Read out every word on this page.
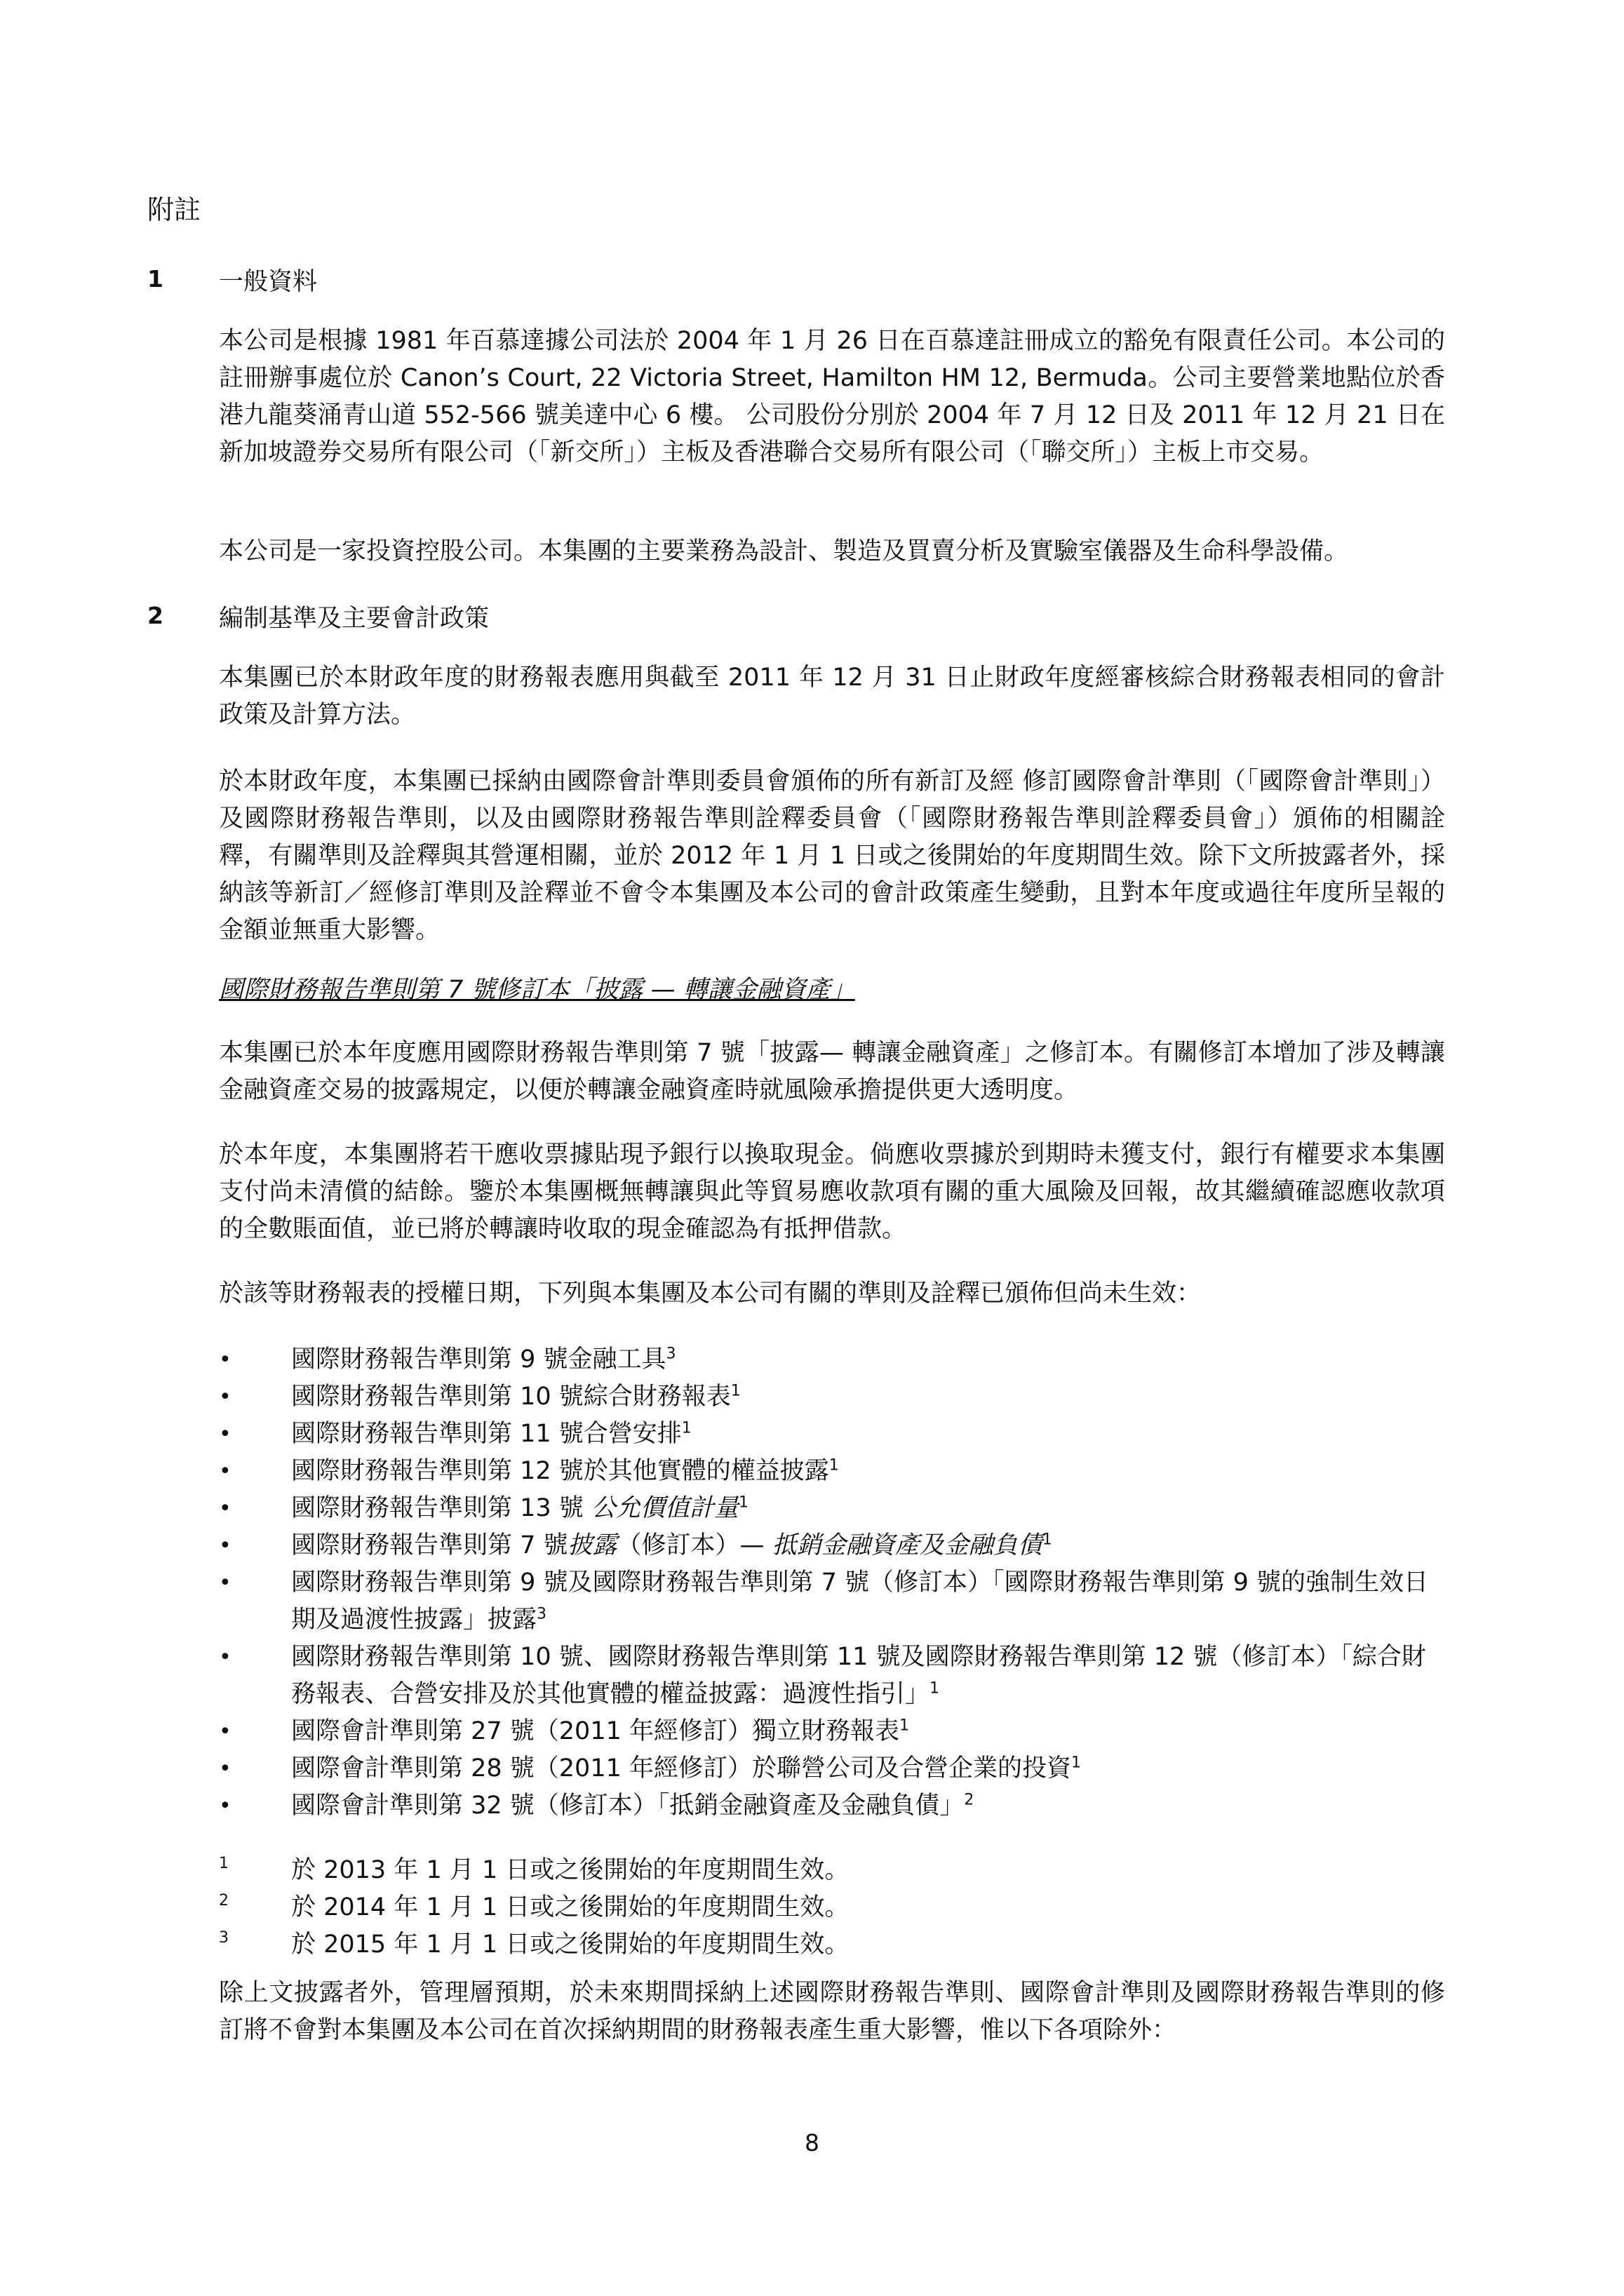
附註
1 一般資料

本公司是根據 1981 年百慕達據公司法於 2004 年 1 月 26 日在百慕達註冊成立的豁免有限責任公司。本公司的註冊辦事處位於 Canon’s Court, 22 Victoria Street, Hamilton HM 12, Bermuda。公司主要營業地點位於香港九龍葵涌青山道 552-566 號美達中心 6 樓。 公司股份分別於 2004 年 7 月 12 日及 2011 年 12 月 21 日在新加坡證券交易所有限公司（「新交所」）主板及香港聯合交易所有限公司（「聯交所」）主板上市交易。

本公司是一家投資控股公司。本集團的主要業務為設計、製造及買賣分析及實驗室儀器及生命科學設備。

2 編制基準及主要會計政策

本集團已於本財政年度的財務報表應用與截至 2011 年 12 月 31 日止財政年度經審核綜合財務報表相同的會計政策及計算方法。

於本財政年度，本集團已採納由國際會計準則委員會頒佈的所有新訂及經 修訂國際會計準則（「國際會計準則」）及國際財務報告準則，以及由國際財務報告準則詮釋委員會（「國際財務報告準則詮釋委員會」）頒佈的相關詮釋，有關準則及詮釋與其營運相關，並於 2012 年 1 月 1 日或之後開始的年度期間生效。除下文所披露者外，採納該等新訂／經修訂準則及詮釋並不會令本集團及本公司的會計政策產生變動，且對本年度或過往年度所呈報的金額並無重大影響。

國際財務報告準則第 7 號修訂本「披露 — 轉讓金融資產」

本集團已於本年度應用國際財務報告準則第 7 號「披露— 轉讓金融資產」之修訂本。有關修訂本增加了涉及轉讓金融資產交易的披露規定，以便於轉讓金融資產時就風險承擔提供更大透明度。

於本年度，本集團將若干應收票據貼現予銀行以換取現金。倘應收票據於到期時未獲支付，銀行有權要求本集團支付尚未清償的結餘。鑒於本集團概無轉讓與此等貿易應收款項有關的重大風險及回報，故其繼續確認應收款項的全數賬面值，並已將於轉讓時收取的現金確認為有抵押借款。

於該等財務報表的授權日期，下列與本集團及本公司有關的準則及詮釋已頒佈但尚未生效：

• 國際財務報告準則第 9 號金融工具$^3$
• 國際財務報告準則第 10 號綜合財務報表$^1$
• 國際財務報告準則第 11 號合營安排$^1$
• 國際財務報告準則第 12 號於其他實體的權益披露$^1$
• 國際財務報告準則第 13 號 公允價值計量$^1$
• 國際財務報告準則第 7 號披露（修訂本）— 抵銷金融資產及金融負債$^1$
• 國際財務報告準則第 9 號及國際財務報告準則第 7 號（修訂本）「國際財務報告準則第 9 號的強制生效日期及過渡性披露」披露$^3$
• 國際財務報告準則第 10 號、國際財務報告準則第 11 號及國際財務報告準則第 12 號（修訂本）「綜合財務報表、合營安排及於其他實體的權益披露：過渡性指引」$^1$
• 國際會計準則第 27 號（2011 年經修訂）獨立財務報表$^1$
• 國際會計準則第 28 號（2011 年經修訂）於聯營公司及合營企業的投資$^1$
• 國際會計準則第 32 號（修訂本）「抵銷金融資產及金融負債」$^2$
1	於 2013 年 1 月 1 日或之後開始的年度期間生效。
2	於 2014 年 1 月 1 日或之後開始的年度期間生效。
3	於 2015 年 1 月 1 日或之後開始的年度期間生效。

除上文披露者外，管理層預期，於未來期間採納上述國際財務報告準則、國際會計準則及國際財務報告準則的修訂將不會對本集團及本公司在首次採納期間的財務報表產生重大影響，惟以下各項除外：

8
